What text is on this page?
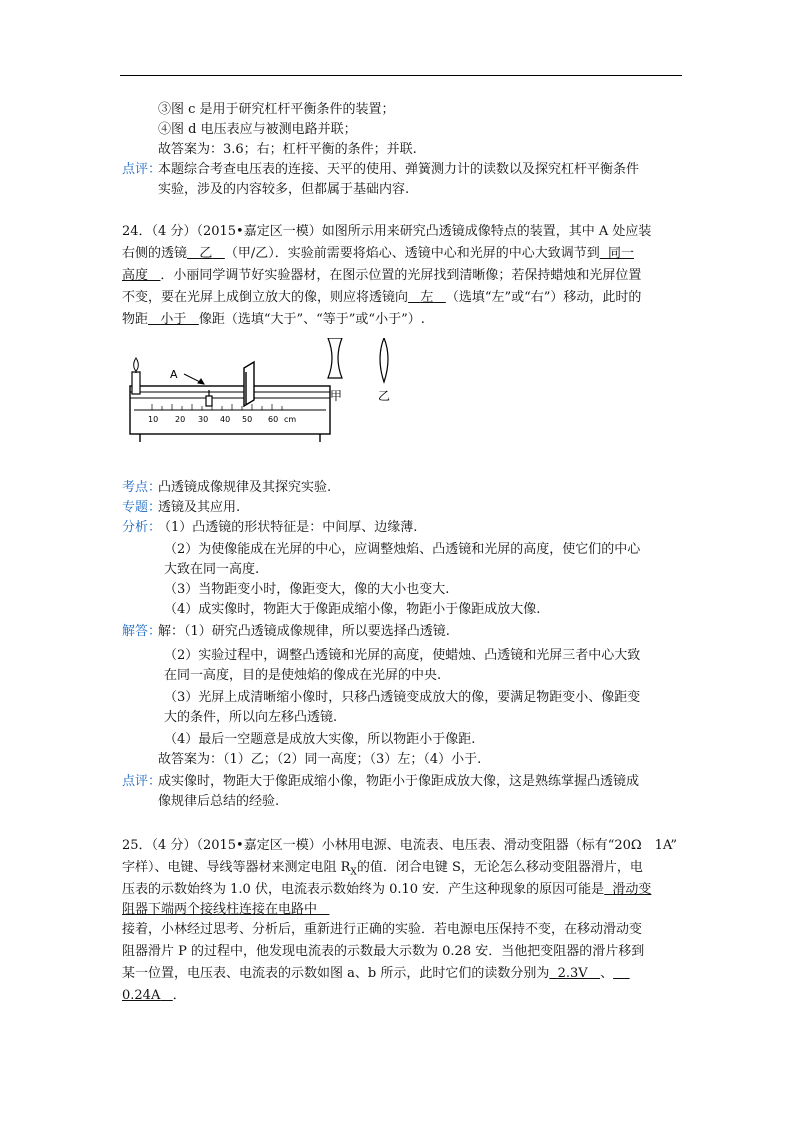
③图 c 是用于研究杠杆平衡条件的装置；
④图 d 电压表应与被测电路并联；
故答案为：3.6；右；杠杆平衡的条件；并联.
点评：
本题综合考查电压表的连接、天平的使用、弹簧测力计的读数以及探究杠杆平衡条件
实验，涉及的内容较多，但都属于基础内容.
24．（4 分）（2015•嘉定区一模）如图所示用来研究凸透镜成像特点的装置，其中 A 处应装
右侧的透镜 乙 （甲/乙）．实验前需要将焰心、透镜中心和光屏的中心大致调节到 同一
高度 ．小丽同学调节好实验器材，在图示位置的光屏找到清晰像；若保持蜡烛和光屏位置
不变，要在光屏上成倒立放大的像，则应将透镜向 左 （选填“左”或“右”）移动，此时的
物距 小于 像距（选填“大于”、“等于”或“小于”）.
10 20 30 40 50 60 cm
A
甲	乙
考点：
凸透镜成像规律及其探究实验.
专题：
透镜及其应用.
分析：
（1）凸透镜的形状特征是：中间厚、边缘薄.
（2）为使像能成在光屏的中心，应调整烛焰、凸透镜和光屏的高度，使它们的中心
大致在同一高度.
（3）当物距变小时，像距变大，像的大小也变大.
（4）成实像时，物距大于像距成缩小像，物距小于像距成放大像.
解答：
解：（1）研究凸透镜成像规律，所以要选择凸透镜.
（2）实验过程中，调整凸透镜和光屏的高度，使蜡烛、凸透镜和光屏三者中心大致
在同一高度，目的是使烛焰的像成在光屏的中央.
（3）光屏上成清晰缩小像时，只移凸透镜变成放大的像，要满足物距变小、像距变
大的条件，所以向左移凸透镜.
（4）最后一空题意是成放大实像，所以物距小于像距.
故答案为：（1）乙；（2）同一高度；（3）左；（4）小于.
点评：
成实像时，物距大于像距成缩小像，物距小于像距成放大像，这是熟练掌握凸透镜成
像规律后总结的经验.
25．（4 分）（2015•嘉定区一模）小林用电源、电流表、电压表、滑动变阻器（标有“20Ω　1A”
字样）、电键、导线等器材来测定电阻 $R_X$的值．闭合电键 S，无论怎么移动变阻器滑片，电
压表的示数始终为 1.0 伏，电流表示数始终为 0.10 安．产生这种现象的原因可能是 滑动变
阻器下端两个接线柱连接在电路中
接着，小林经过思考、分析后，重新进行正确的实验．若电源电压保持不变，在移动滑动变
阻器滑片 P 的过程中，他发现电流表的示数最大示数为 0.28 安．当他把变阻器的滑片移到
某一位置，电压表、电流表的示数如图 a、b 所示，此时它们的读数分别为 2.3V 、
0.24A ．
